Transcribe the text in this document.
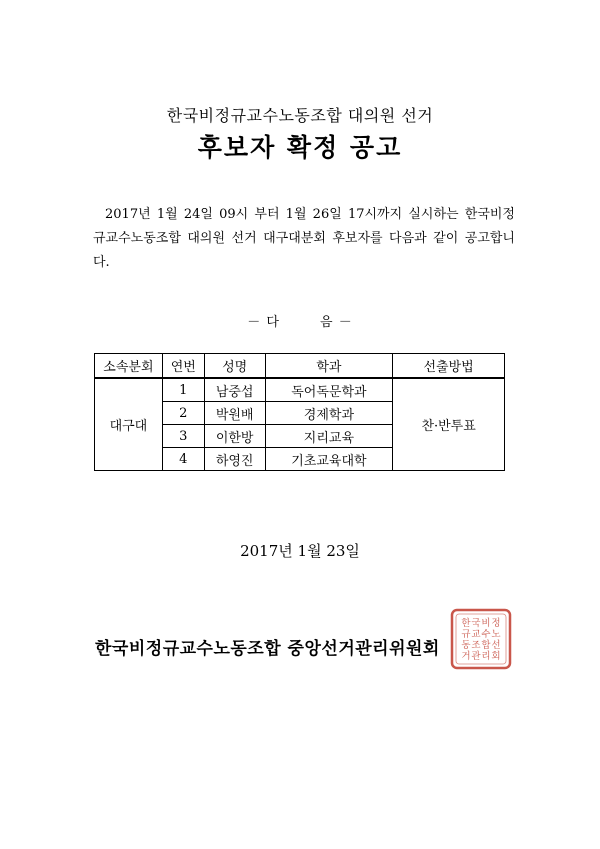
한국비정규교수노동조합 대의원 선거
후보자 확정 공고
2017년 1월 24일 09시 부터 1월 26일 17시까지 실시하는 한국비정규교수노동조합 대의원 선거 대구대분회 후보자를 다음과 같이 공고합니다.
－ 다	음 －
소속분회	연번	성명	학과	선출방법
대구대	1	남중섭	독어독문학과	찬·반투표
	2	박원배	경제학과	
	3	이한방	지리교육	
	4	하영진	기초교육대학	
2017년 1월 23일
한국비정규교수노동조합 중앙선거관리위원회
한 국 비 정
규 교 수 노
동 조 합 선
거 관 리 회
